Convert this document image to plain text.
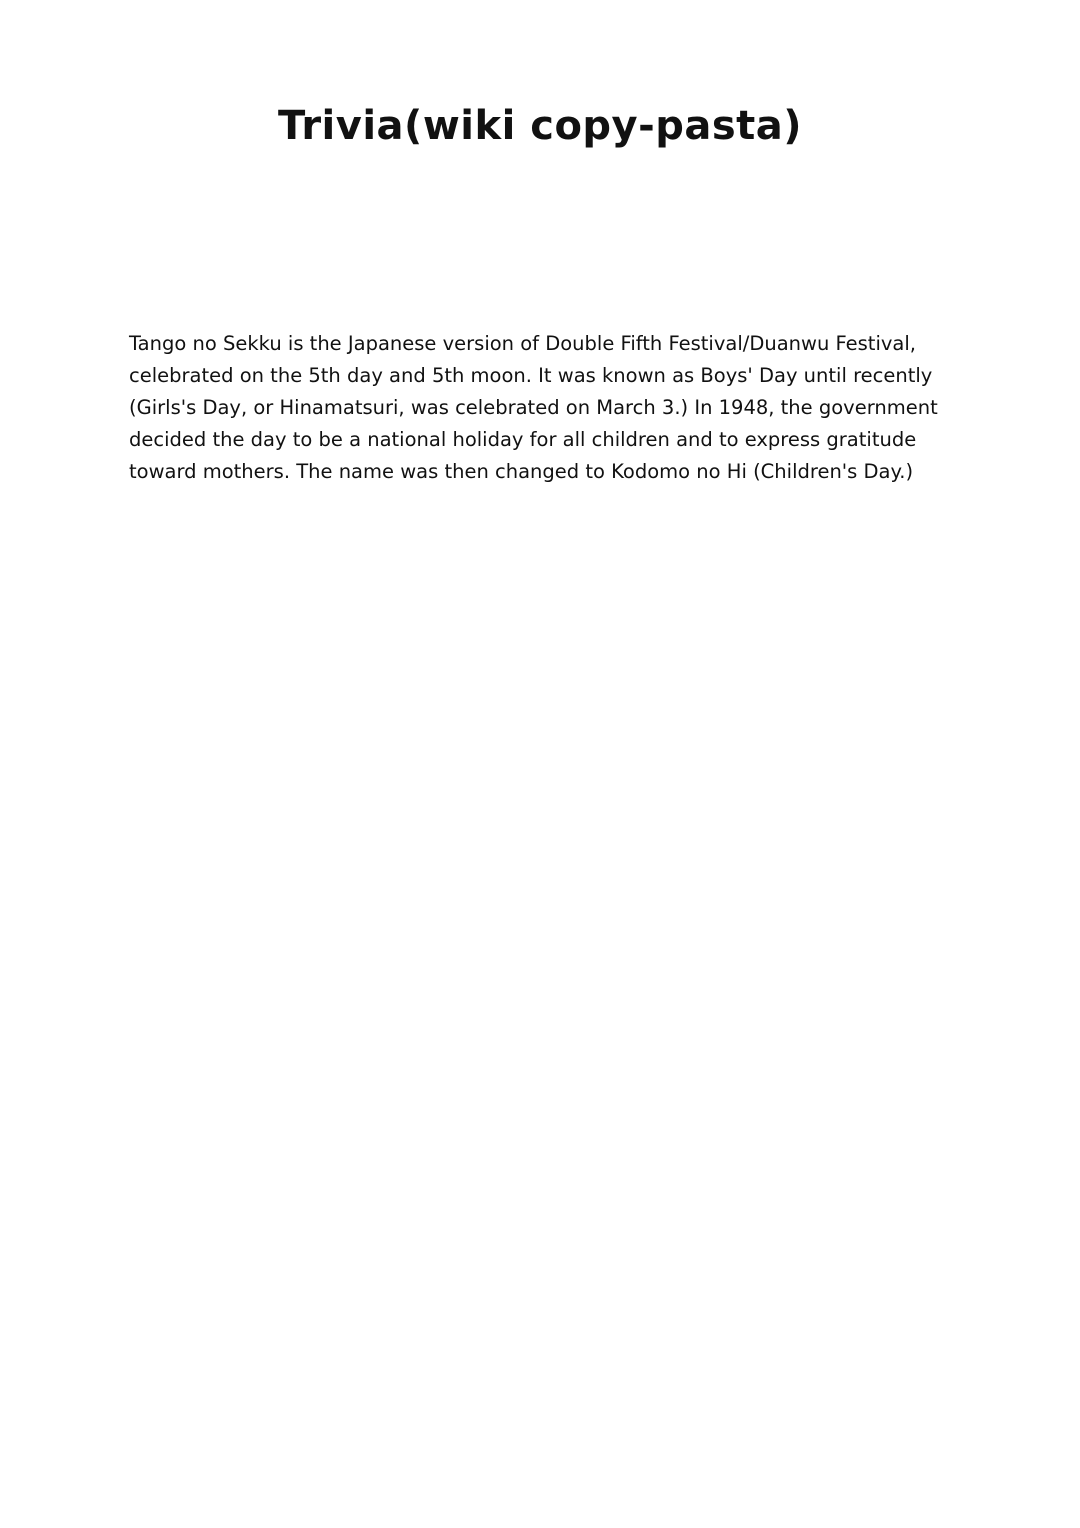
Trivia(wiki copy-pasta)

Tango no Sekku is the Japanese version of Double Fifth Festival/Duanwu Festival,
celebrated on the 5th day and 5th moon. It was known as Boys' Day until recently
(Girls's Day, or Hinamatsuri, was celebrated on March 3.) In 1948, the government
decided the day to be a national holiday for all children and to express gratitude
toward mothers. The name was then changed to Kodomo no Hi (Children's Day.)
